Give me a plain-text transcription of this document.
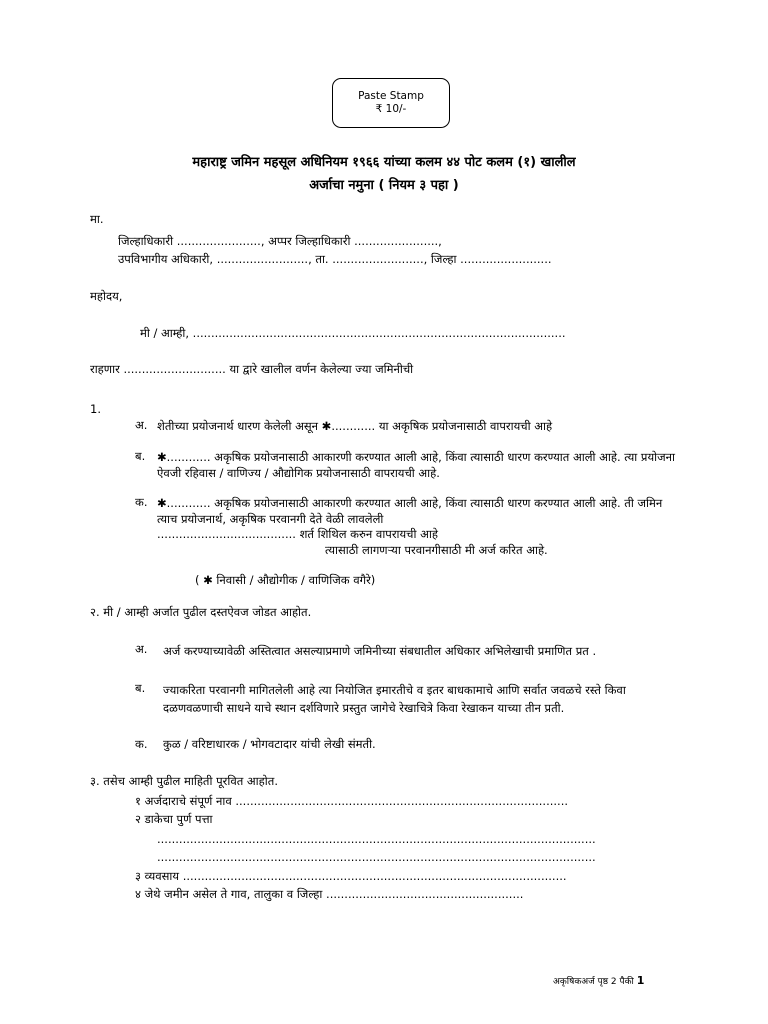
Paste Stamp
₹ 10/-
महाराष्ट्र जमिन महसूल अधिनियम १९६६ यांच्या कलम ४४ पोट कलम (१) खालील
अर्जाचा नमुना ( नियम ३ पहा )
मा.
जिल्हाधिकारी ......................., अप्पर जिल्हाधिकारी .......................,
उपविभागीय अधिकारी, ........................., ता. ........................., जिल्हा .........................
महोदय,
मी / आम्ही, ......................................................................................................
राहणार ............................ या द्वारे खालील वर्णन केलेल्या ज्या जमिनीची
1.
अ. शेतीच्या प्रयोजनार्थ धारण केलेली असून ✱............ या अकृषिक प्रयोजनासाठी वापरायची आहे
ब. ✱............ अकृषिक प्रयोजनासाठी आकारणी करण्यात आली आहे, किंवा त्यासाठी धारण करण्यात आली आहे. त्या प्रयोजना ऐवजी रहिवास / वाणिज्य / औद्योगिक प्रयोजनासाठी वापरायची आहे.
क. ✱............ अकृषिक प्रयोजनासाठी आकारणी करण्यात आली आहे, किंवा त्यासाठी धारण करण्यात आली आहे. ती जमिन त्याच प्रयोजनार्थ, अकृषिक परवानगी देते वेळी लावलेली
...................................... शर्त शिथिल करुन वापरायची आहे
त्यासाठी लागणऱ्या परवानगीसाठी मी अर्ज करित आहे.
( ✱ निवासी / औद्योगीक / वाणिजिक वगैरे)
२. मी / आम्ही अर्जात पुढील दस्तऐवज जोडत आहोत.
अ. अर्ज करण्याच्यावेळी अस्तित्वात असल्याप्रमाणे जमिनीच्या संबधातील अधिकार अभिलेखाची प्रमाणित प्रत .
ब. ज्याकरिता परवानगी मागितलेली आहे त्या नियोजित इमारतीचे व इतर बाधकामाचे आणि सर्वात जवळचे रस्ते किवा दळणवळणाची साधने याचे स्थान दर्शविणारे प्रस्तुत जागेचे रेखाचित्रे किवा रेखाकन याच्या तीन प्रती.
क. कुळ / वरिष्टाधारक / भोगवटादार यांची लेखी संमती.
३. तसेच आम्ही पुढील माहिती पूरवित आहोत.
१ अर्जदाराचे संपूर्ण नाव ...........................................................................................
२ डाकेचा पुर्ण पत्ता
........................................................................................................................
........................................................................................................................
३ व्यवसाय .........................................................................................................
४ जेथे जमीन असेल ते गाव, तालुका व जिल्हा ......................................................
अकृषिकअर्ज पृष्ठ 2 पैकी 1
